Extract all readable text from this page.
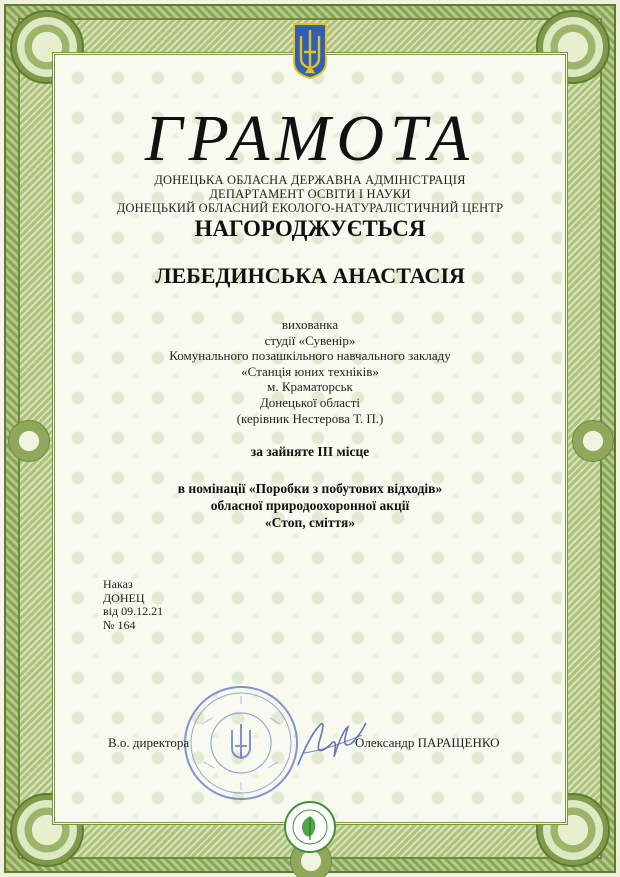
ГРАМОТА
ДОНЕЦЬКА ОБЛАСНА ДЕРЖАВНА АДМІНІСТРАЦІЯ
ДЕПАРТАМЕНТ ОСВІТИ І НАУКИ
ДОНЕЦЬКИЙ ОБЛАСНИЙ ЕКОЛОГО-НАТУРАЛІСТИЧНИЙ ЦЕНТР
НАГОРОДЖУЄТЬСЯ
ЛЕБЕДИНСЬКА АНАСТАСІЯ
вихованка
студії «Сувенір»
Комунального позашкільного навчального закладу
«Станція юних техніків»
м. Краматорськ
Донецької області
(керівник Нестерова Т. П.)
за зайняте ІІІ місце
в номінації «Поробки з побутових відходів»
обласної природоохоронної акції
«Стоп, сміття»
Наказ
ДОНЕЦ
від 09.12.21
№ 164
В.о. директора	Олександр ПАРАЩЕНКО
